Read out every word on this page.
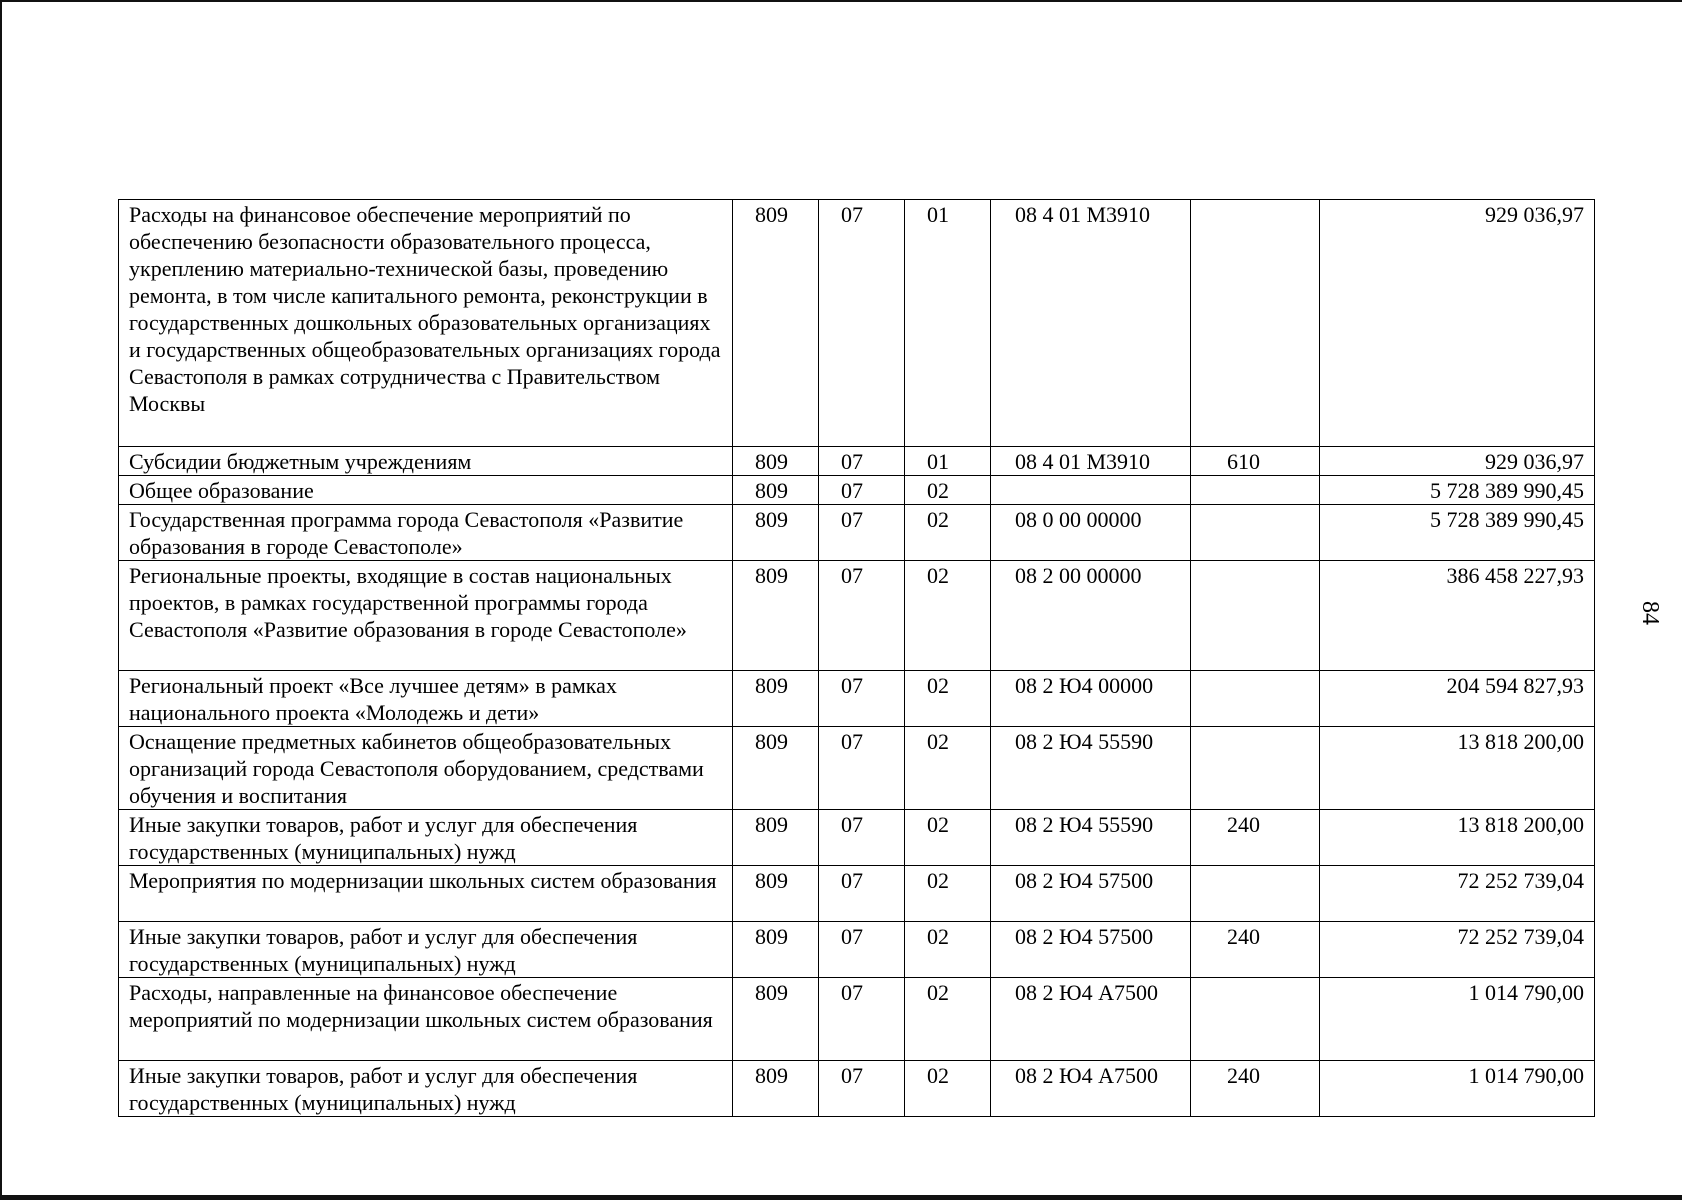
Расходы на финансовое обеспечение мероприятий по обеспечению безопасности образовательного процесса, укреплению материально-технической базы, проведению ремонта, в том числе капитального ремонта, реконструкции в государственных дошкольных образовательных организациях и государственных общеобразовательных организациях города Севастополя в рамках сотрудничества с Правительством Москвы	809	07	01	08 4 01 М3910		929 036,97
Субсидии бюджетным учреждениям	809	07	01	08 4 01 М3910	610	929 036,97
Общее образование	809	07	02			5 728 389 990,45
Государственная программа города Севастополя «Развитие образования в городе Севастополе»	809	07	02	08 0 00 00000		5 728 389 990,45
Региональные проекты, входящие в состав национальных проектов, в рамках государственной программы города Севастополя «Развитие образования в городе Севастополе»	809	07	02	08 2 00 00000		386 458 227,93
Региональный проект «Все лучшее детям» в рамках национального проекта «Молодежь и дети»	809	07	02	08 2 Ю4 00000		204 594 827,93
Оснащение предметных кабинетов общеобразовательных организаций города Севастополя оборудованием, средствами обучения и воспитания	809	07	02	08 2 Ю4 55590		13 818 200,00
Иные закупки товаров, работ и услуг для обеспечения государственных (муниципальных) нужд	809	07	02	08 2 Ю4 55590	240	13 818 200,00
Мероприятия по модернизации школьных систем образования	809	07	02	08 2 Ю4 57500		72 252 739,04
Иные закупки товаров, работ и услуг для обеспечения государственных (муниципальных) нужд	809	07	02	08 2 Ю4 57500	240	72 252 739,04
Расходы, направленные на финансовое обеспечение мероприятий по модернизации школьных систем образования	809	07	02	08 2 Ю4 А7500		1 014 790,00
Иные закупки товаров, работ и услуг для обеспечения государственных (муниципальных) нужд	809	07	02	08 2 Ю4 А7500	240	1 014 790,00
84
